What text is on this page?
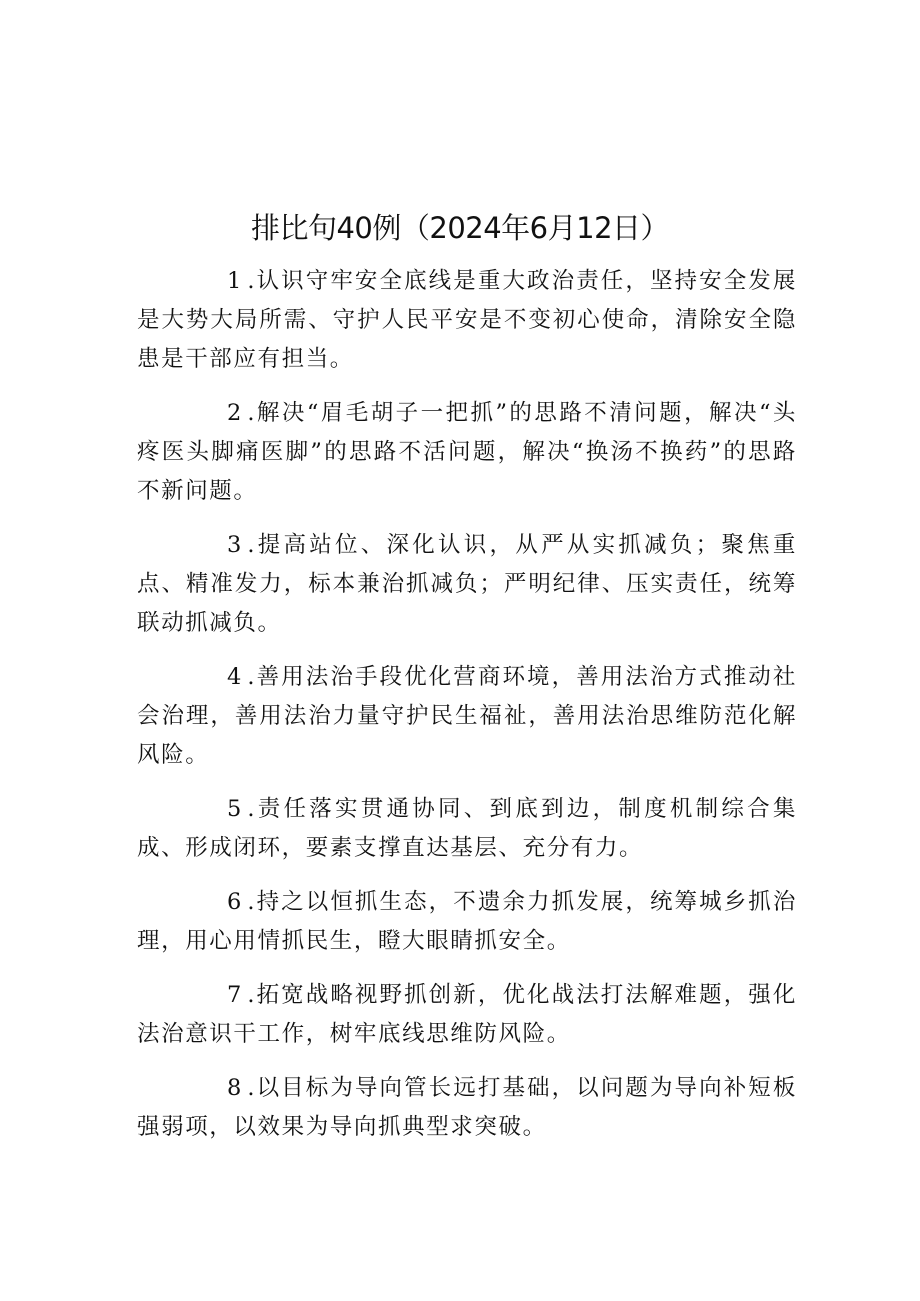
排比句40例（2024年6月12日）

1 .认识守牢安全底线是重大政治责任，坚持安全发展是大势大局所需、守护人民平安是不变初心使命，清除安全隐患是干部应有担当。

2 .解决“眉毛胡子一把抓”的思路不清问题，解决“头疼医头脚痛医脚”的思路不活问题，解决“换汤不换药”的思路不新问题。

3 .提高站位、深化认识，从严从实抓减负；聚焦重点、精准发力，标本兼治抓减负；严明纪律、压实责任，统筹联动抓减负。

4 .善用法治手段优化营商环境，善用法治方式推动社会治理，善用法治力量守护民生福祉，善用法治思维防范化解风险。

5 .责任落实贯通协同、到底到边，制度机制综合集成、形成闭环，要素支撑直达基层、充分有力。

6 .持之以恒抓生态，不遗余力抓发展，统筹城乡抓治理，用心用情抓民生，瞪大眼睛抓安全。

7 .拓宽战略视野抓创新，优化战法打法解难题，强化法治意识干工作，树牢底线思维防风险。

8 .以目标为导向管长远打基础，以问题为导向补短板强弱项，以效果为导向抓典型求突破。
